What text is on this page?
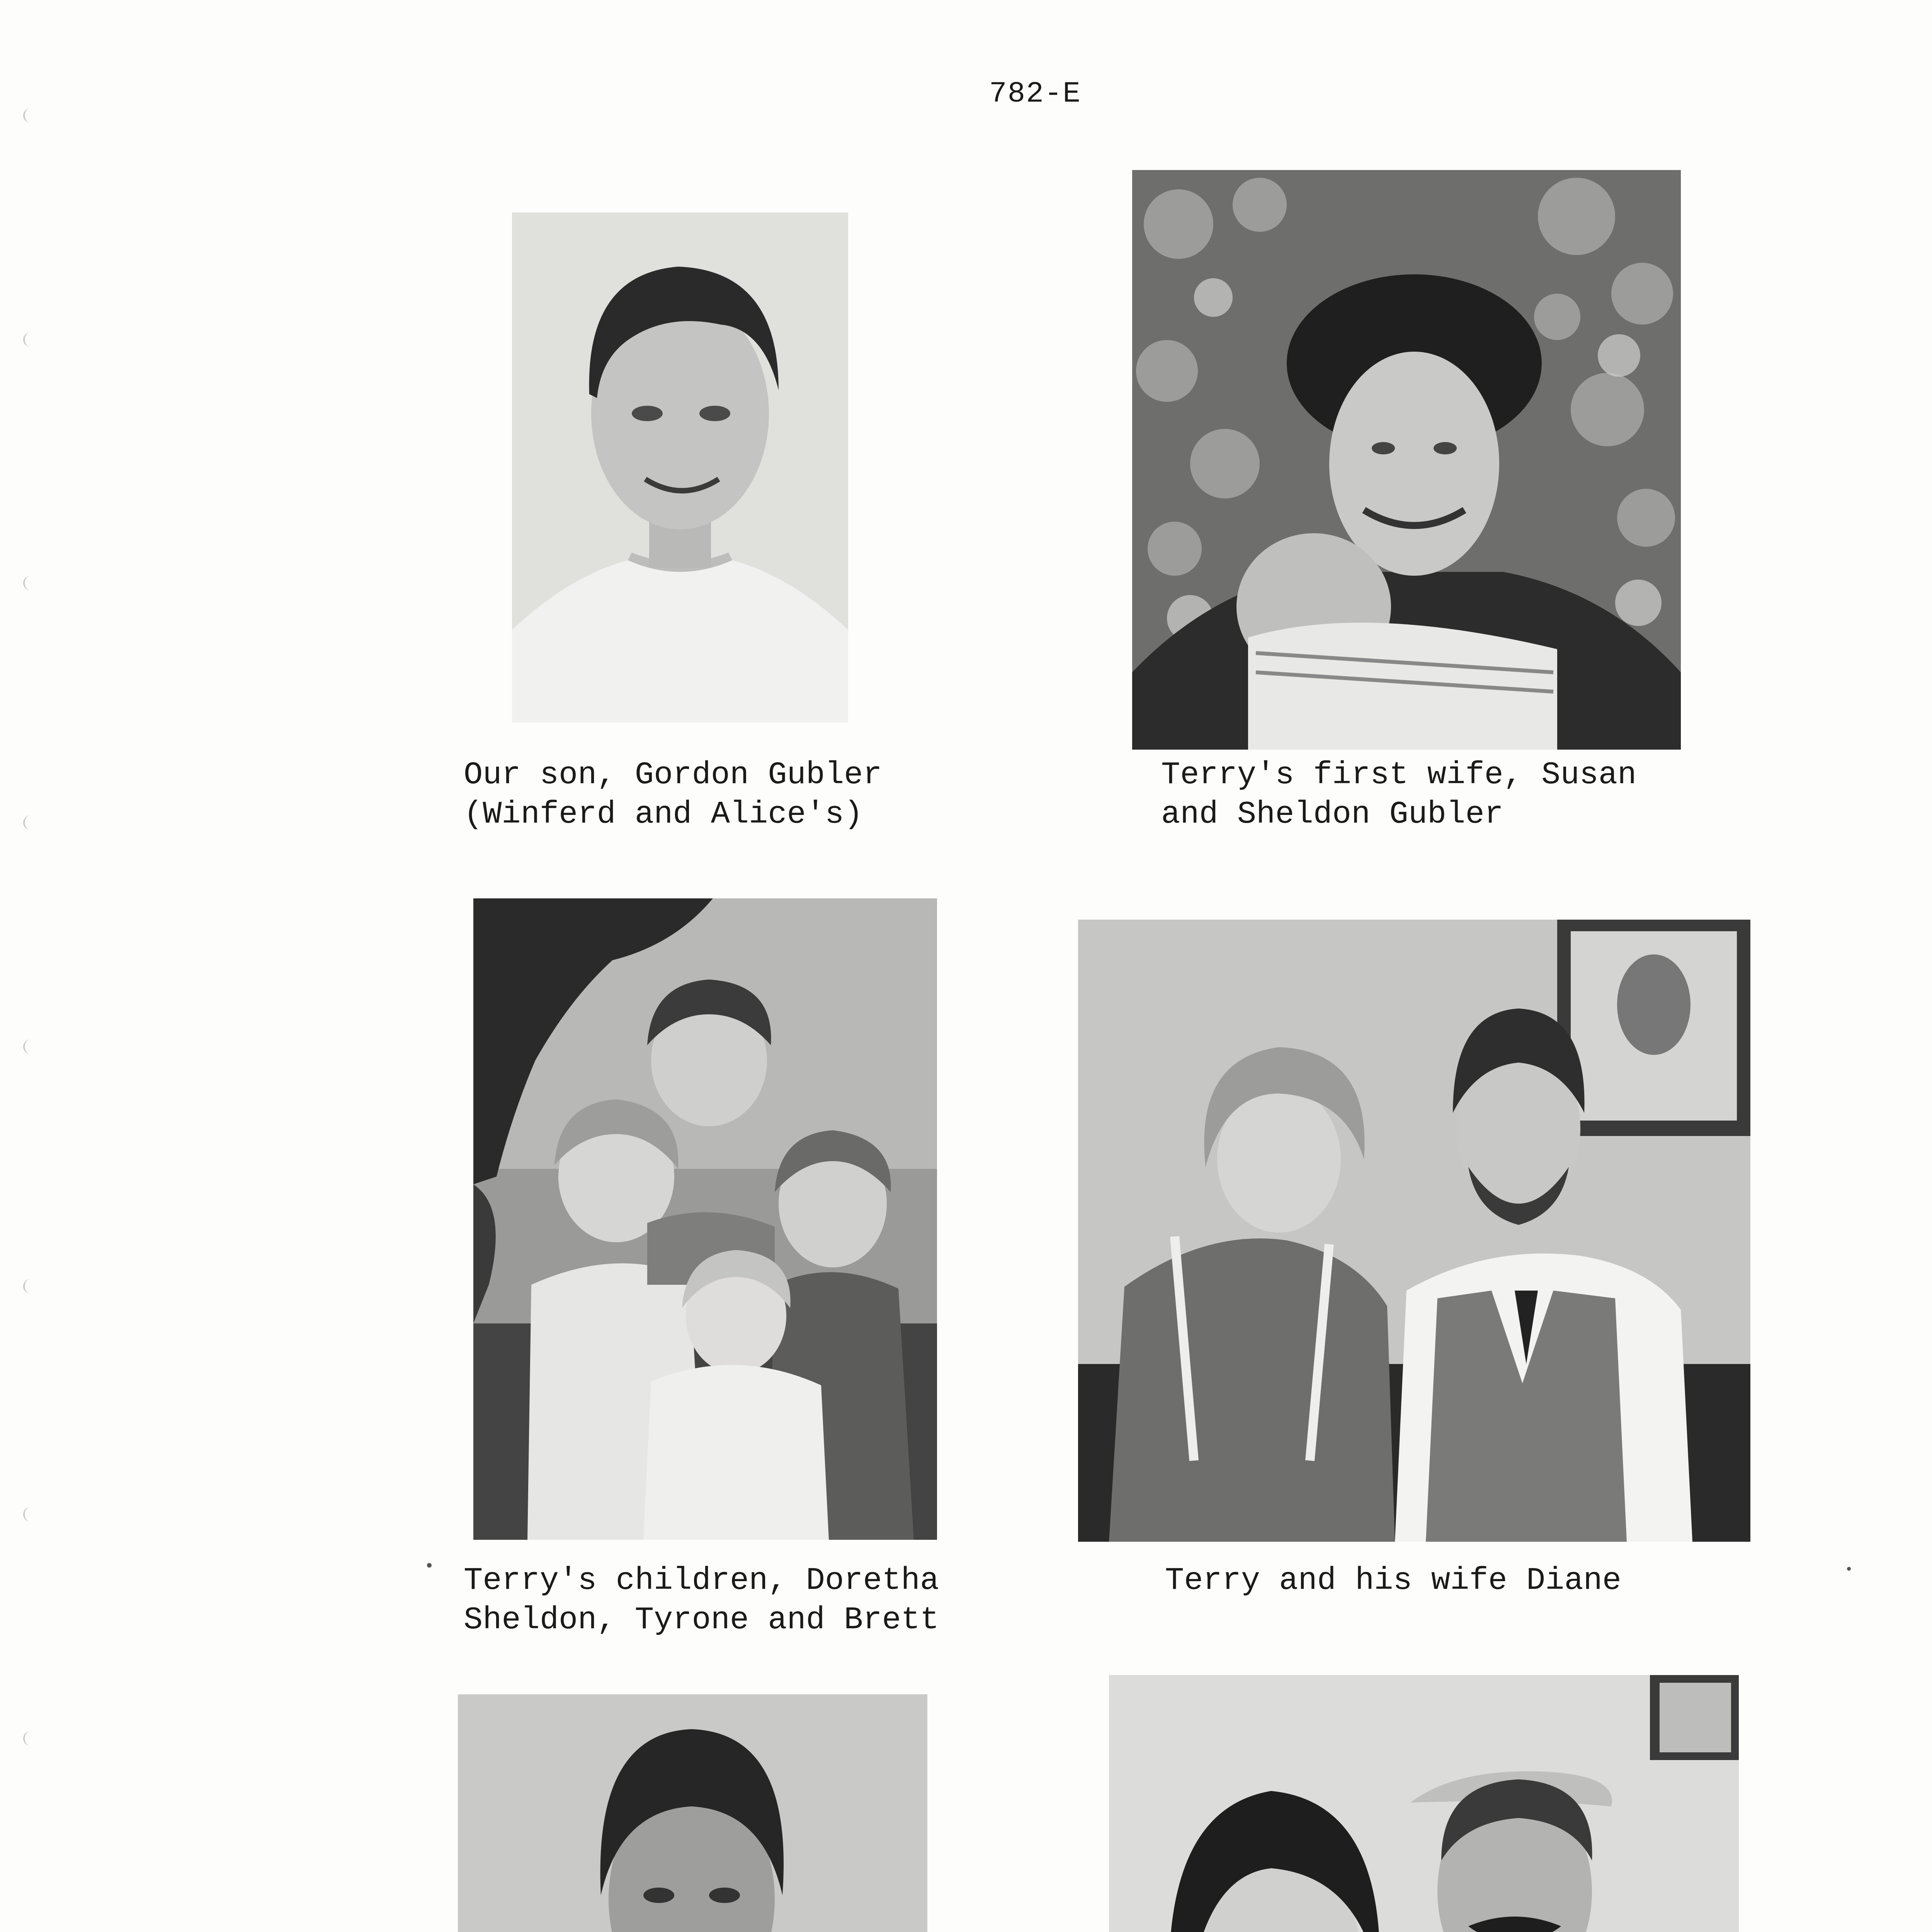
782-E
Our son, Gordon Gubler
(Winferd and Alice's)
Terry's first wife, Susan
and Sheldon Gubler
Terry's children, Doretha
Sheldon, Tyrone and Brett
Terry and his wife Diane
